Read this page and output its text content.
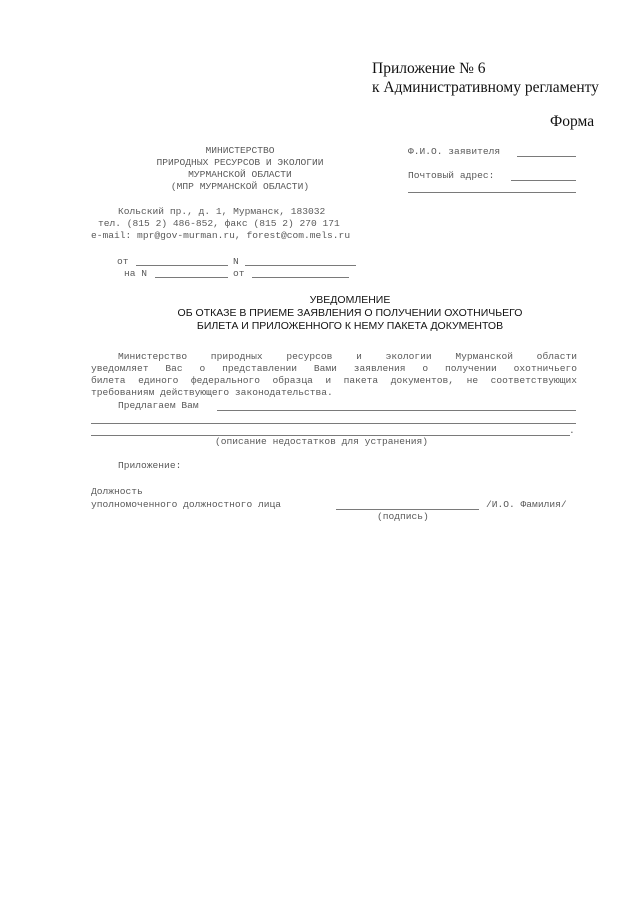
Приложение № 6
к Административному регламенту
Форма
МИНИСТЕРСТВО
ПРИРОДНЫХ РЕСУРСОВ И ЭКОЛОГИИ
МУРМАНСКОЙ ОБЛАСТИ
(МПР МУРМАНСКОЙ ОБЛАСТИ)
Кольский пр., д. 1, Мурманск, 183032
тел. (815 2) 486-852, факс (815 2) 270 171
e-mail: mpr@gov-murman.ru, forest@com.mels.ru
Ф.И.О. заявителя
Почтовый адрес:
от	N
на N	от
УВЕДОМЛЕНИЕ
ОБ ОТКАЗЕ В ПРИЕМЕ ЗАЯВЛЕНИЯ О ПОЛУЧЕНИИ ОХОТНИЧЬЕГО
БИЛЕТА И ПРИЛОЖЕННОГО К НЕМУ ПАКЕТА ДОКУМЕНТОВ
Министерство природных ресурсов и экологии Мурманской области
уведомляет Вас о представлении Вами заявления о получении охотничьего
билета единого федерального образца и пакета документов, не соответствующих
требованиям действующего законодательства.
Предлагаем Вам
.
(описание недостатков для устранения)
Приложение:
Должность
уполномоченного должностного лица	/И.О. Фамилия/
(подпись)
